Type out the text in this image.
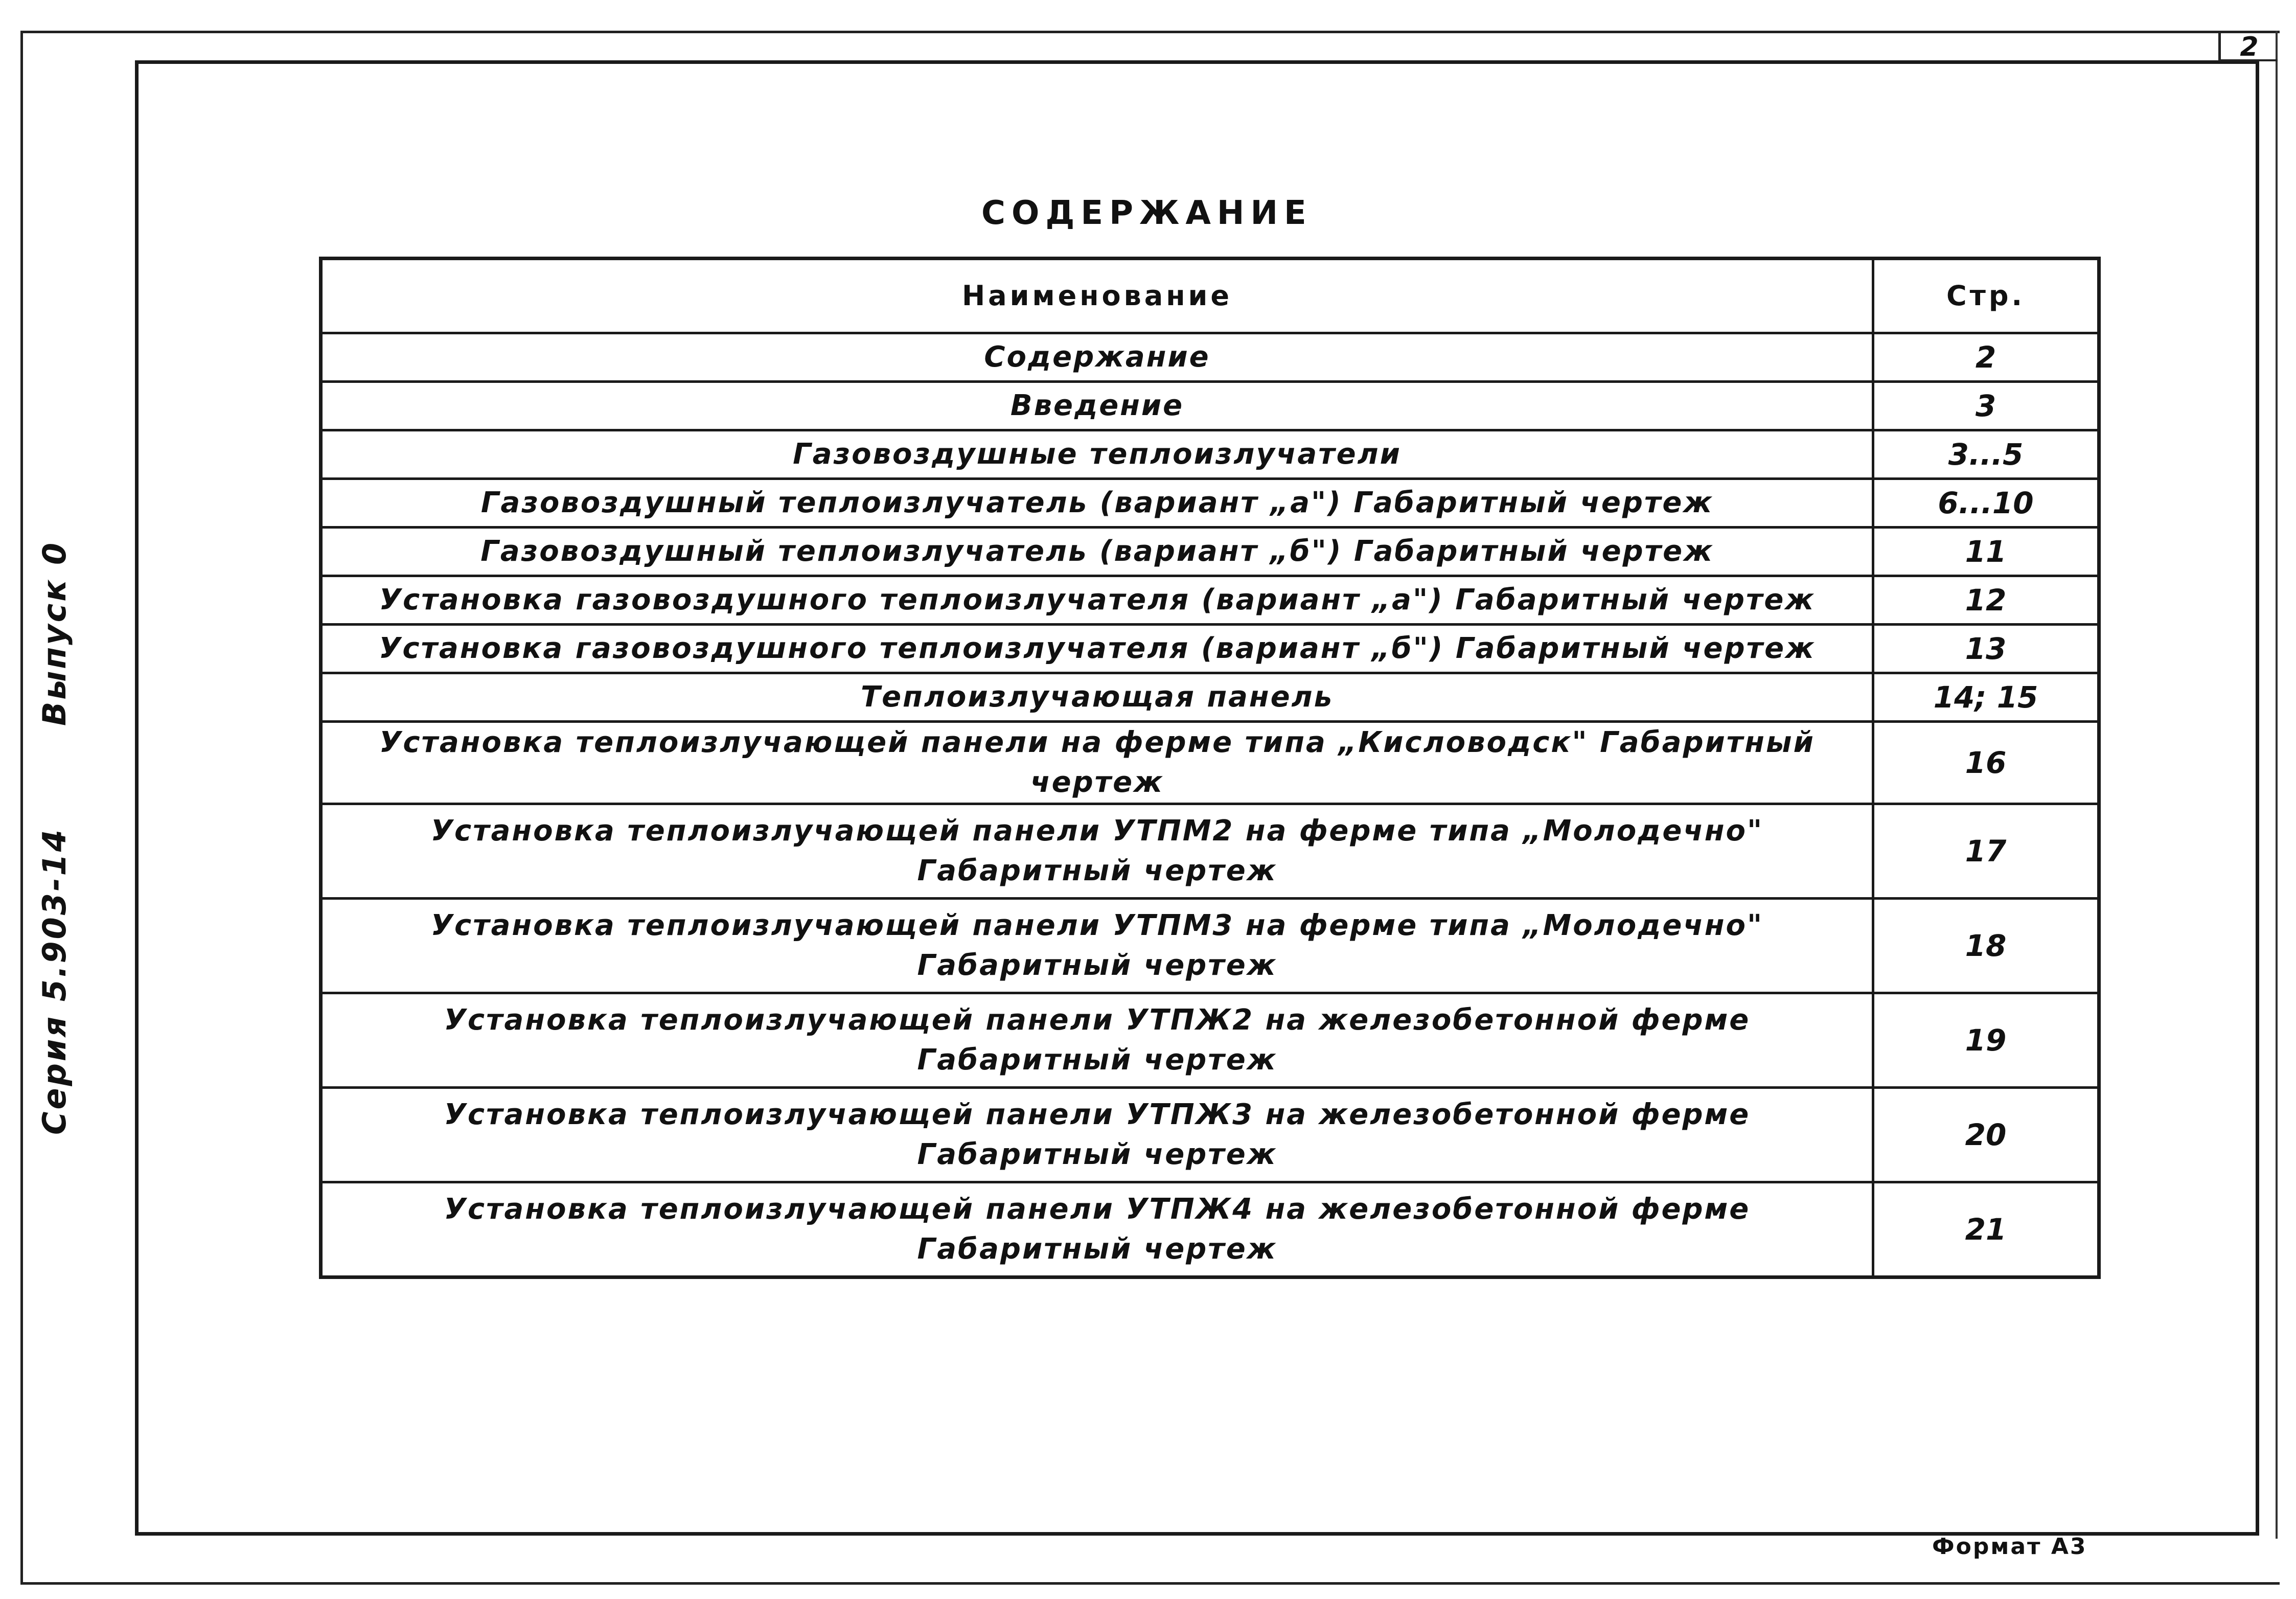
2
Выпуск 0
Серия 5.903-14
СОДЕРЖАНИЕ
Наименование	Стр.
Содержание	2
Введение	3
Газовоздушные теплоизлучатели	3...5
Газовоздушный теплоизлучатель (вариант „а") Габаритный чертеж	6...10
Газовоздушный теплоизлучатель (вариант „б") Габаритный чертеж	11
Установка газовоздушного теплоизлучателя (вариант „а") Габаритный чертеж	12
Установка газовоздушного теплоизлучателя (вариант „б") Габаритный чертеж	13
Теплоизлучающая панель	14; 15
Установка теплоизлучающей панели на ферме типа „Кисловодск" Габаритный чертеж	16

Установка теплоизлучающей панели УТПМ2 на ферме типа „Молодечно"
Габаритный чертеж	17

Установка теплоизлучающей панели УТПМ3 на ферме типа „Молодечно"
Габаритный чертеж	18

Установка теплоизлучающей панели УТПЖ2 на железобетонной ферме
Габаритный чертеж	19

Установка теплоизлучающей панели УТПЖ3 на железобетонной ферме
Габаритный чертеж	20

Установка теплоизлучающей панели УТПЖ4 на железобетонной ферме
Габаритный чертеж	21
Формат А3
